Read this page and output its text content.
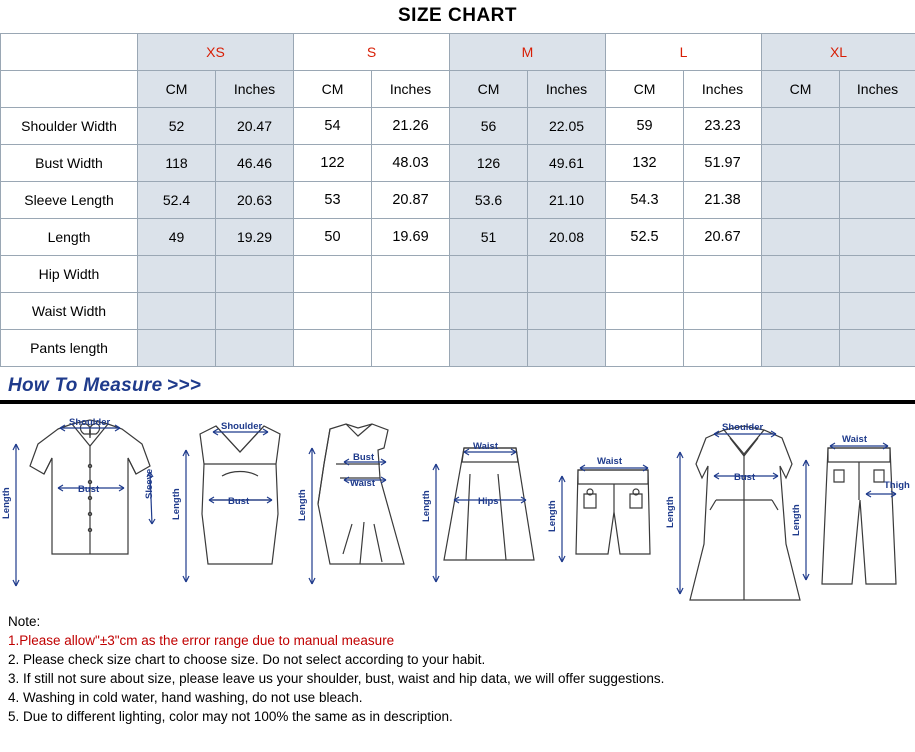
SIZE CHART
	XS		S		M		L		XL	
	CM	Inches	CM	Inches	CM	Inches	CM	Inches	CM	Inches
Shoulder Width	52	20.47	54	21.26	56	22.05	59	23.23		
Bust Width	118	46.46	122	48.03	126	49.61	132	51.97		
Sleeve Length	52.4	20.63	53	20.87	53.6	21.10	54.3	21.38		
Length	49	19.29	50	19.69	51	20.08	52.5	20.67		
Hip Width										
Waist Width										
Pants length										
How To Measure >>>
Shoulder
Bust
Length
Sleeve
Shoulder
Bust
Length
Bust
Waist
Length
Waist
Hips
Length
Waist
Length
Shoulder
Bust
Length
Waist
Length
Thigh
Note:
1.Please allow"±3"cm as the error range due to manual measure
2. Please check size chart to choose size. Do not select according to your habit.
3. If still not sure about size, please leave us your shoulder, bust, waist and hip data, we will offer suggestions.
4. Washing in cold water, hand washing, do not use bleach.
5. Due to different lighting, color may not 100% the same as in description.
